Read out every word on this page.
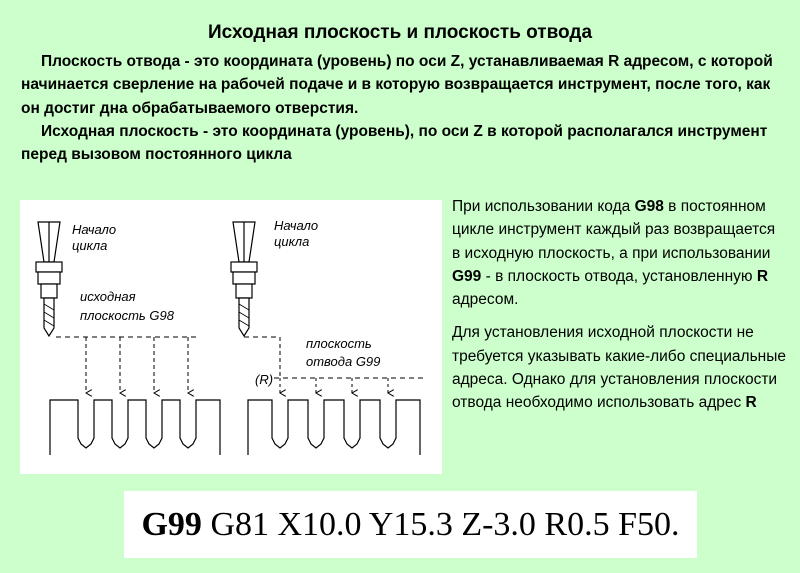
Исходная плоскость и плоскость отвода

Плоскость отвода - это координата (уровень) по оси Z, устанавливаемая R адресом, с которой начинается сверление на рабочей подаче и в которую возвращается инструмент, после того, как он достиг дна обрабатываемого отверстия.

Исходная плоскость - это координата (уровень), по оси Z в которой располагался инструмент перед вызовом постоянного цикла

Начало
цикла
исходная
плоскость G98
Начало
цикла
плоскость
отвода G99
(R)

При использовании кода G98 в постоянном цикле инструмент каждый раз возвращается в исходную плоскость, а при использовании G99 - в плоскость отвода, установленную R адресом.

Для установления исходной плоскости не требуется указывать какие-либо специальные адреса. Однако для установления плоскости отвода необходимо использовать адрес R

G99 G81 X10.0 Y15.3 Z-3.0 R0.5 F50.
